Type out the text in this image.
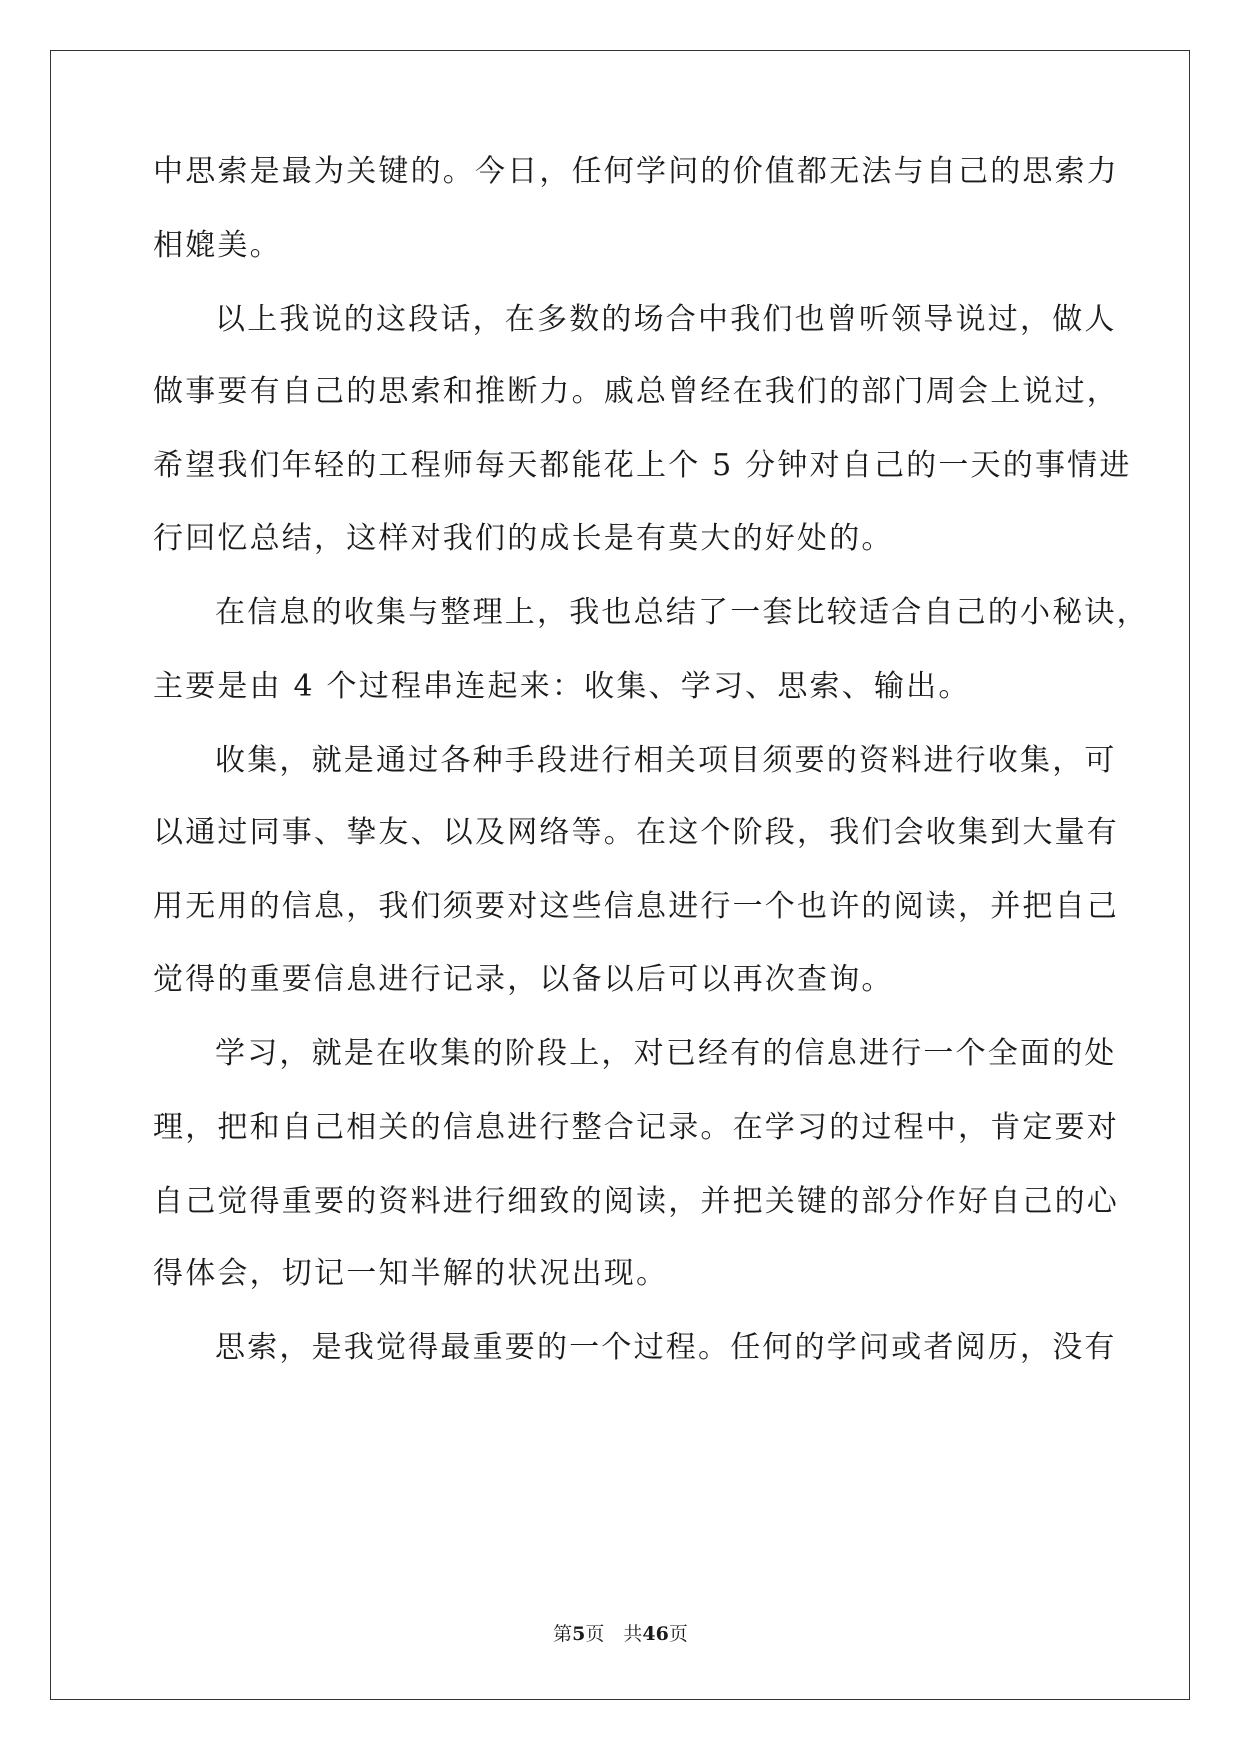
中思索是最为关键的。今日，任何学问的价值都无法与自己的思索力
相媲美。
以上我说的这段话，在多数的场合中我们也曾听领导说过，做人
做事要有自己的思索和推断力。戚总曾经在我们的部门周会上说过，
希望我们年轻的工程师每天都能花上个 5 分钟对自己的一天的事情进
行回忆总结，这样对我们的成长是有莫大的好处的。
在信息的收集与整理上，我也总结了一套比较适合自己的小秘诀，
主要是由 4 个过程串连起来：收集、学习、思索、输出。
收集，就是通过各种手段进行相关项目须要的资料进行收集，可
以通过同事、挚友、以及网络等。在这个阶段，我们会收集到大量有
用无用的信息，我们须要对这些信息进行一个也许的阅读，并把自己
觉得的重要信息进行记录，以备以后可以再次查询。
学习，就是在收集的阶段上，对已经有的信息进行一个全面的处
理，把和自己相关的信息进行整合记录。在学习的过程中，肯定要对
自己觉得重要的资料进行细致的阅读，并把关键的部分作好自己的心
得体会，切记一知半解的状况出现。
思索，是我觉得最重要的一个过程。任何的学问或者阅历，没有
第5页　共46页
